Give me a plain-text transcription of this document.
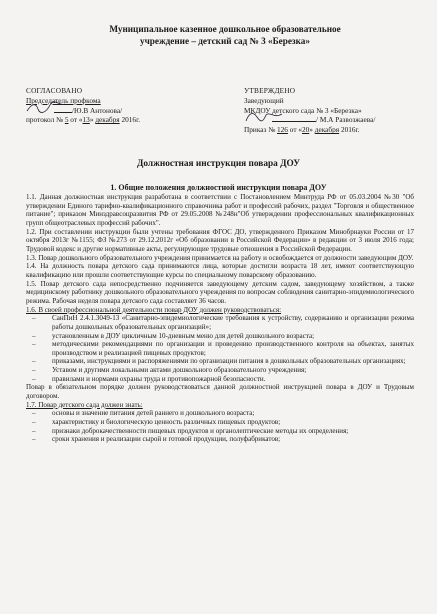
Муниципальное казенное дошкольное образовательное
учреждение – детский сад № 3 «Березка»
СОГЛАСОВАНО
Председатель профкома
/Ю.В Антонова/
протокол № 5 от «13» декабря 2016г.
УТВЕРЖДЕНО
Заведующий
МКДОУ детского сада № 3 «Березка»
/ М.А Развозжаева/
Приказ № 126 от «20» декабря 2016г.
Должностная инструкция повара ДОУ
1. Общие положения должностной инструкции повара ДОУ

1.1. Данная должностная инструкция разработана в соответствии с Постановлением Минтруда РФ от 05.03.2004 №30 "Об утверждении Единого тарифно-квалификационного справочника работ и профессий рабочих, раздел "Торговля и общественное питание"; приказом Минздравсоцразвития РФ от 29.05.2008 №248н"Об утверждении профессиональных квалификационных групп общеотраслевых профессий рабочих".

1.2. При составлении инструкции были учтены требования ФГОС ДО, утвержденного Приказом Минобрнауки России от 17 октября 2013г №1155; ФЗ №273 от 29.12.2012г «Об образовании в Российской Федерации» в редакции от 3 июля 2016 года; Трудовой кодекс и другие нормативные акты, регулирующие трудовые отношения в Российской Федерации.

1.3. Повар дошкольного образовательного учреждения принимается на работу и освобождается от должности заведующим ДОУ.

1.4. На должность повара детского сада принимаются лица, которые достигли возраста 18 лет, имеют соответствующую квалификацию или прошли соответствующие курсы по специальному поварскому образованию.

1.5. Повар детского сада непосредственно подчиняется заведующему детским садом, заведующему хозяйством, а также медицинскому работнику дошкольного образовательного учреждения по вопросам соблюдения санитарно-эпидемиологического режима. Рабочая неделя повара детского сада составляет 36 часов.

1.6. В своей профессиональной деятельности повар ДОУ должен руководствоваться:

– СанПиН 2.4.1.3049-13 «Санитарно-эпидемиологические требования к устройству, содержанию и организации режима работы дошкольных образовательных организаций»;
– установленным в ДОУ цикличным 10-дневным меню для детей дошкольного возраста;
– методическими рекомендациями по организации и проведению производственного контроля на объектах, занятых производством и реализацией пищевых продуктов;
– приказами, инструкциями и распоряжениями по организации питания в дошкольных образовательных организациях;
– Уставом и другими локальными актами дошкольного образовательного учреждения;
– правилами и нормами охраны труда и противопожарной безопасности.

Повар в обязательном порядке должен руководствоваться данной должностной инструкцией повара в ДОУ и Трудовым договором.

1.7. Повар детского сада должен знать:

– основы и значение питания детей раннего и дошкольного возраста;
– характеристику и биологическую ценность различных пищевых продуктов;
– признаки доброкачественности пищевых продуктов и органолептические методы их определения;
– сроки хранения и реализации сырой и готовой продукции, полуфабрикатов;
